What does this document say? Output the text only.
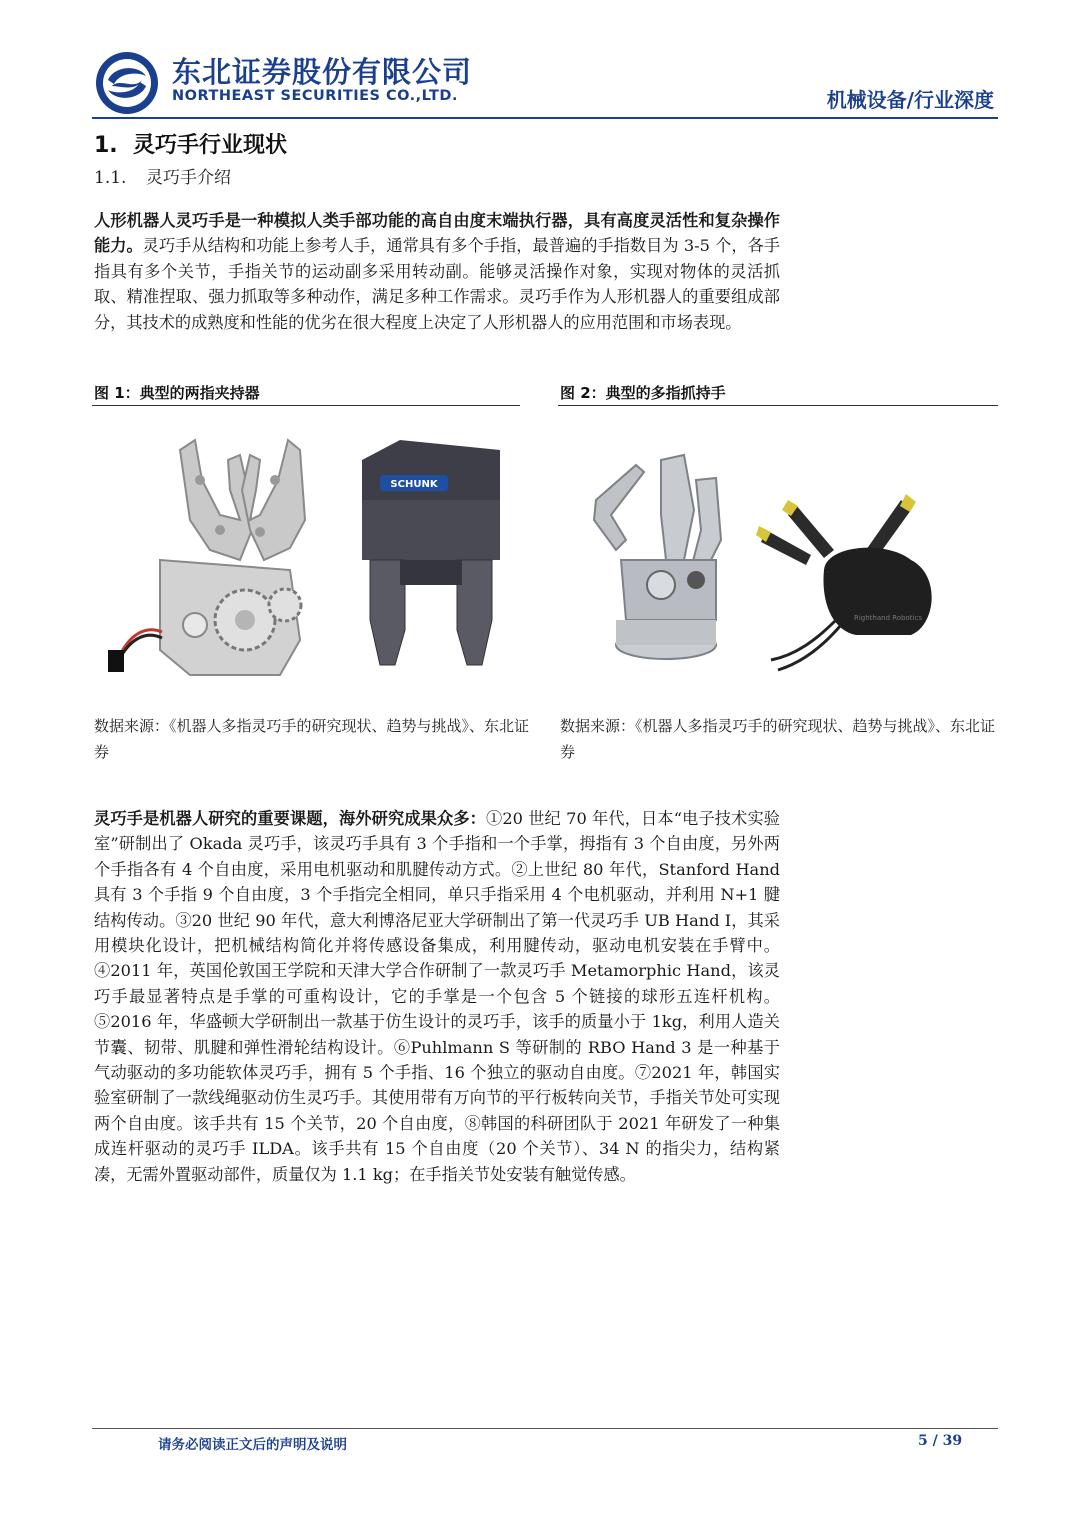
东北证券股份有限公司
NORTHEAST SECURITIES CO.,LTD.	机械设备/行业深度
1. 灵巧手行业现状
1.1. 灵巧手介绍

人形机器人灵巧手是一种模拟人类手部功能的高自由度末端执行器，具有高度灵活性和复杂操作能力。灵巧手从结构和功能上参考人手，通常具有多个手指，最普遍的手指数目为 3-5 个，各手指具有多个关节，手指关节的运动副多采用转动副。能够灵活操作对象，实现对物体的灵活抓取、精准捏取、强力抓取等多种动作，满足多种工作需求。灵巧手作为人形机器人的重要组成部分，其技术的成熟度和性能的优劣在很大程度上决定了人形机器人的应用范围和市场表现。

图 1：典型的两指夹持器
SCHUNK

数据来源：《机器人多指灵巧手的研究现状、趋势与挑战》、东北证券

图 2：典型的多指抓持手
Righthand Robotics

数据来源：《机器人多指灵巧手的研究现状、趋势与挑战》、东北证券

灵巧手是机器人研究的重要课题，海外研究成果众多：①20 世纪 70 年代，日本“电子技术实验室”研制出了 Okada 灵巧手，该灵巧手具有 3 个手指和一个手掌，拇指有 3 个自由度，另外两个手指各有 4 个自由度，采用电机驱动和肌腱传动方式。②上世纪 80 年代，Stanford Hand 具有 3 个手指 9 个自由度，3 个手指完全相同，单只手指采用 4 个电机驱动，并利用 N+1 腱结构传动。③20 世纪 90 年代，意大利博洛尼亚大学研制出了第一代灵巧手 UB Hand I，其采用模块化设计，把机械结构简化并将传感设备集成，利用腱传动，驱动电机安装在手臂中。④2011 年，英国伦敦国王学院和天津大学合作研制了一款灵巧手 Metamorphic Hand，该灵巧手最显著特点是手掌的可重构设计，它的手掌是一个包含 5 个链接的球形五连杆机构。⑤2016 年，华盛顿大学研制出一款基于仿生设计的灵巧手，该手的质量小于 1kg，利用人造关节囊、韧带、肌腱和弹性滑轮结构设计。⑥Puhlmann S 等研制的 RBO Hand 3 是一种基于气动驱动的多功能软体灵巧手，拥有 5 个手指、16 个独立的驱动自由度。⑦2021 年，韩国实验室研制了一款线绳驱动仿生灵巧手。其使用带有万向节的平行板转向关节，手指关节处可实现两个自由度。该手共有 15 个关节，20 个自由度，⑧韩国的科研团队于 2021 年研发了一种集成连杆驱动的灵巧手 ILDA。该手共有 15 个自由度（20 个关节）、34 N 的指尖力，结构紧凑，无需外置驱动部件，质量仅为 1.1 kg；在手指关节处安装有触觉传感。

请务必阅读正文后的声明及说明	5 / 39
